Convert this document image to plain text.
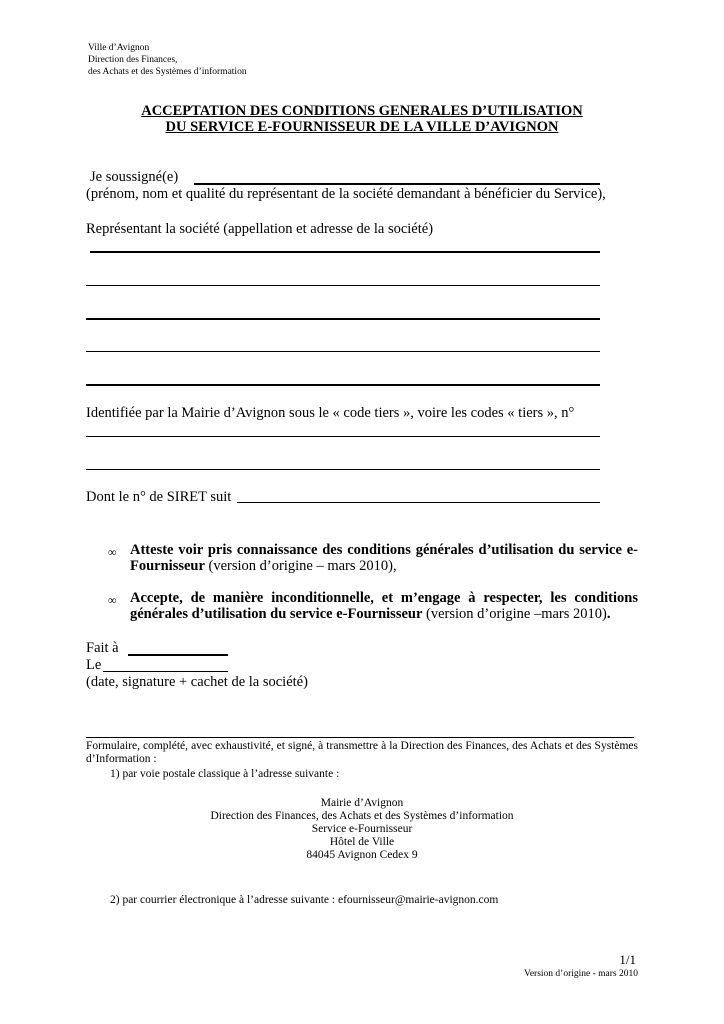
Ville d’Avignon
Direction des Finances,
des Achats et des Systèmes d’information
ACCEPTATION DES CONDITIONS GENERALES D’UTILISATION
DU SERVICE E-FOURNISSEUR DE LA VILLE D’AVIGNON
Je soussigné(e)
(prénom, nom et qualité du représentant de la société demandant à bénéficier du Service),
Représentant la société (appellation et adresse de la société)
Identifiée par la Mairie d’Avignon sous le « code tiers », voire les codes « tiers », n°
Dont le n° de SIRET suit
∞ Atteste voir pris connaissance des conditions générales d’utilisation du service e-Fournisseur (version d’origine – mars 2010),
∞ Accepte, de manière inconditionnelle, et m’engage à respecter, les conditions générales d’utilisation du service e-Fournisseur (version d’origine –mars 2010).
Fait à
Le
(date, signature + cachet de la société)
Formulaire, complété, avec exhaustivité, et signé, à transmettre à la Direction des Finances, des Achats et des Systèmes d’Information :
1) par voie postale classique à l’adresse suivante :
Mairie d’Avignon
Direction des Finances, des Achats et des Systèmes d’information
Service e-Fournisseur
Hôtel de Ville
84045 Avignon Cedex 9
2) par courrier électronique à l’adresse suivante : efournisseur@mairie-avignon.com
1/1
Version d’origine - mars 2010
